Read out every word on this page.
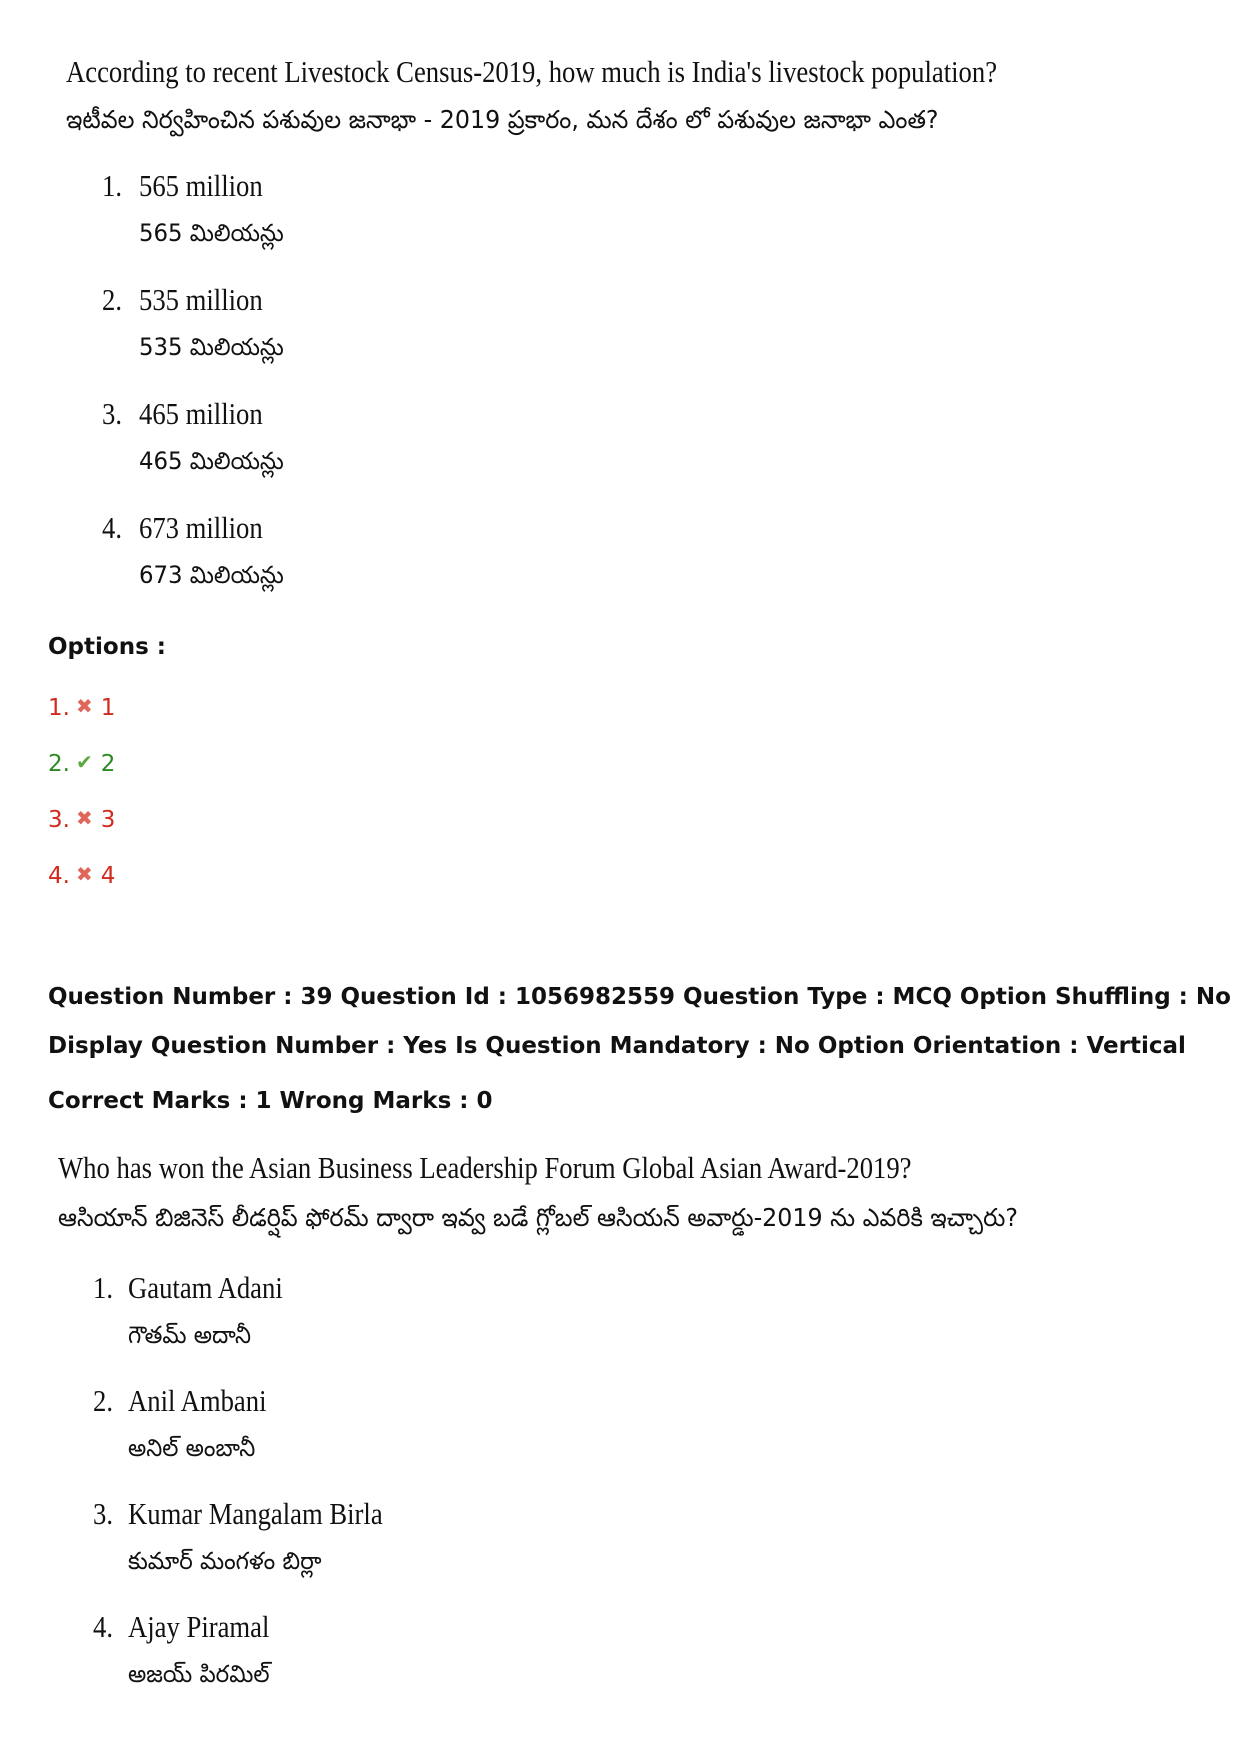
According to recent Livestock Census-2019, how much is India's livestock population?

ఇటీవల నిర్వహించిన పశువుల జనాభా - 2019 ప్రకారం, మన దేశం లో పశువుల జనాభా ఎంత?

1. 565 million
565 మిలియన్లు
2. 535 million
535 మిలియన్లు
3. 465 million
465 మిలియన్లు
4. 673 million
673 మిలియన్లు

Options :

1. ✖ 1
2. ✔ 2
3. ✖ 3
4. ✖ 4

Question Number : 39 Question Id : 1056982559 Question Type : MCQ Option Shuffling : No

Display Question Number : Yes Is Question Mandatory : No Option Orientation : Vertical

Correct Marks : 1 Wrong Marks : 0

Who has won the Asian Business Leadership Forum Global Asian Award-2019?

ఆసియాన్ బిజినెస్ లీడర్షిప్ ఫోరమ్ ద్వారా ఇవ్వ బడే గ్లోబల్ ఆసియన్ అవార్డు-2019 ను ఎవరికి ఇచ్చారు?

1. Gautam Adani
గౌతమ్ అదానీ
2. Anil Ambani
అనిల్ అంబానీ
3. Kumar Mangalam Birla
కుమార్ మంగళం బిర్లా
4. Ajay Piramal
అజయ్ పిరమిల్
